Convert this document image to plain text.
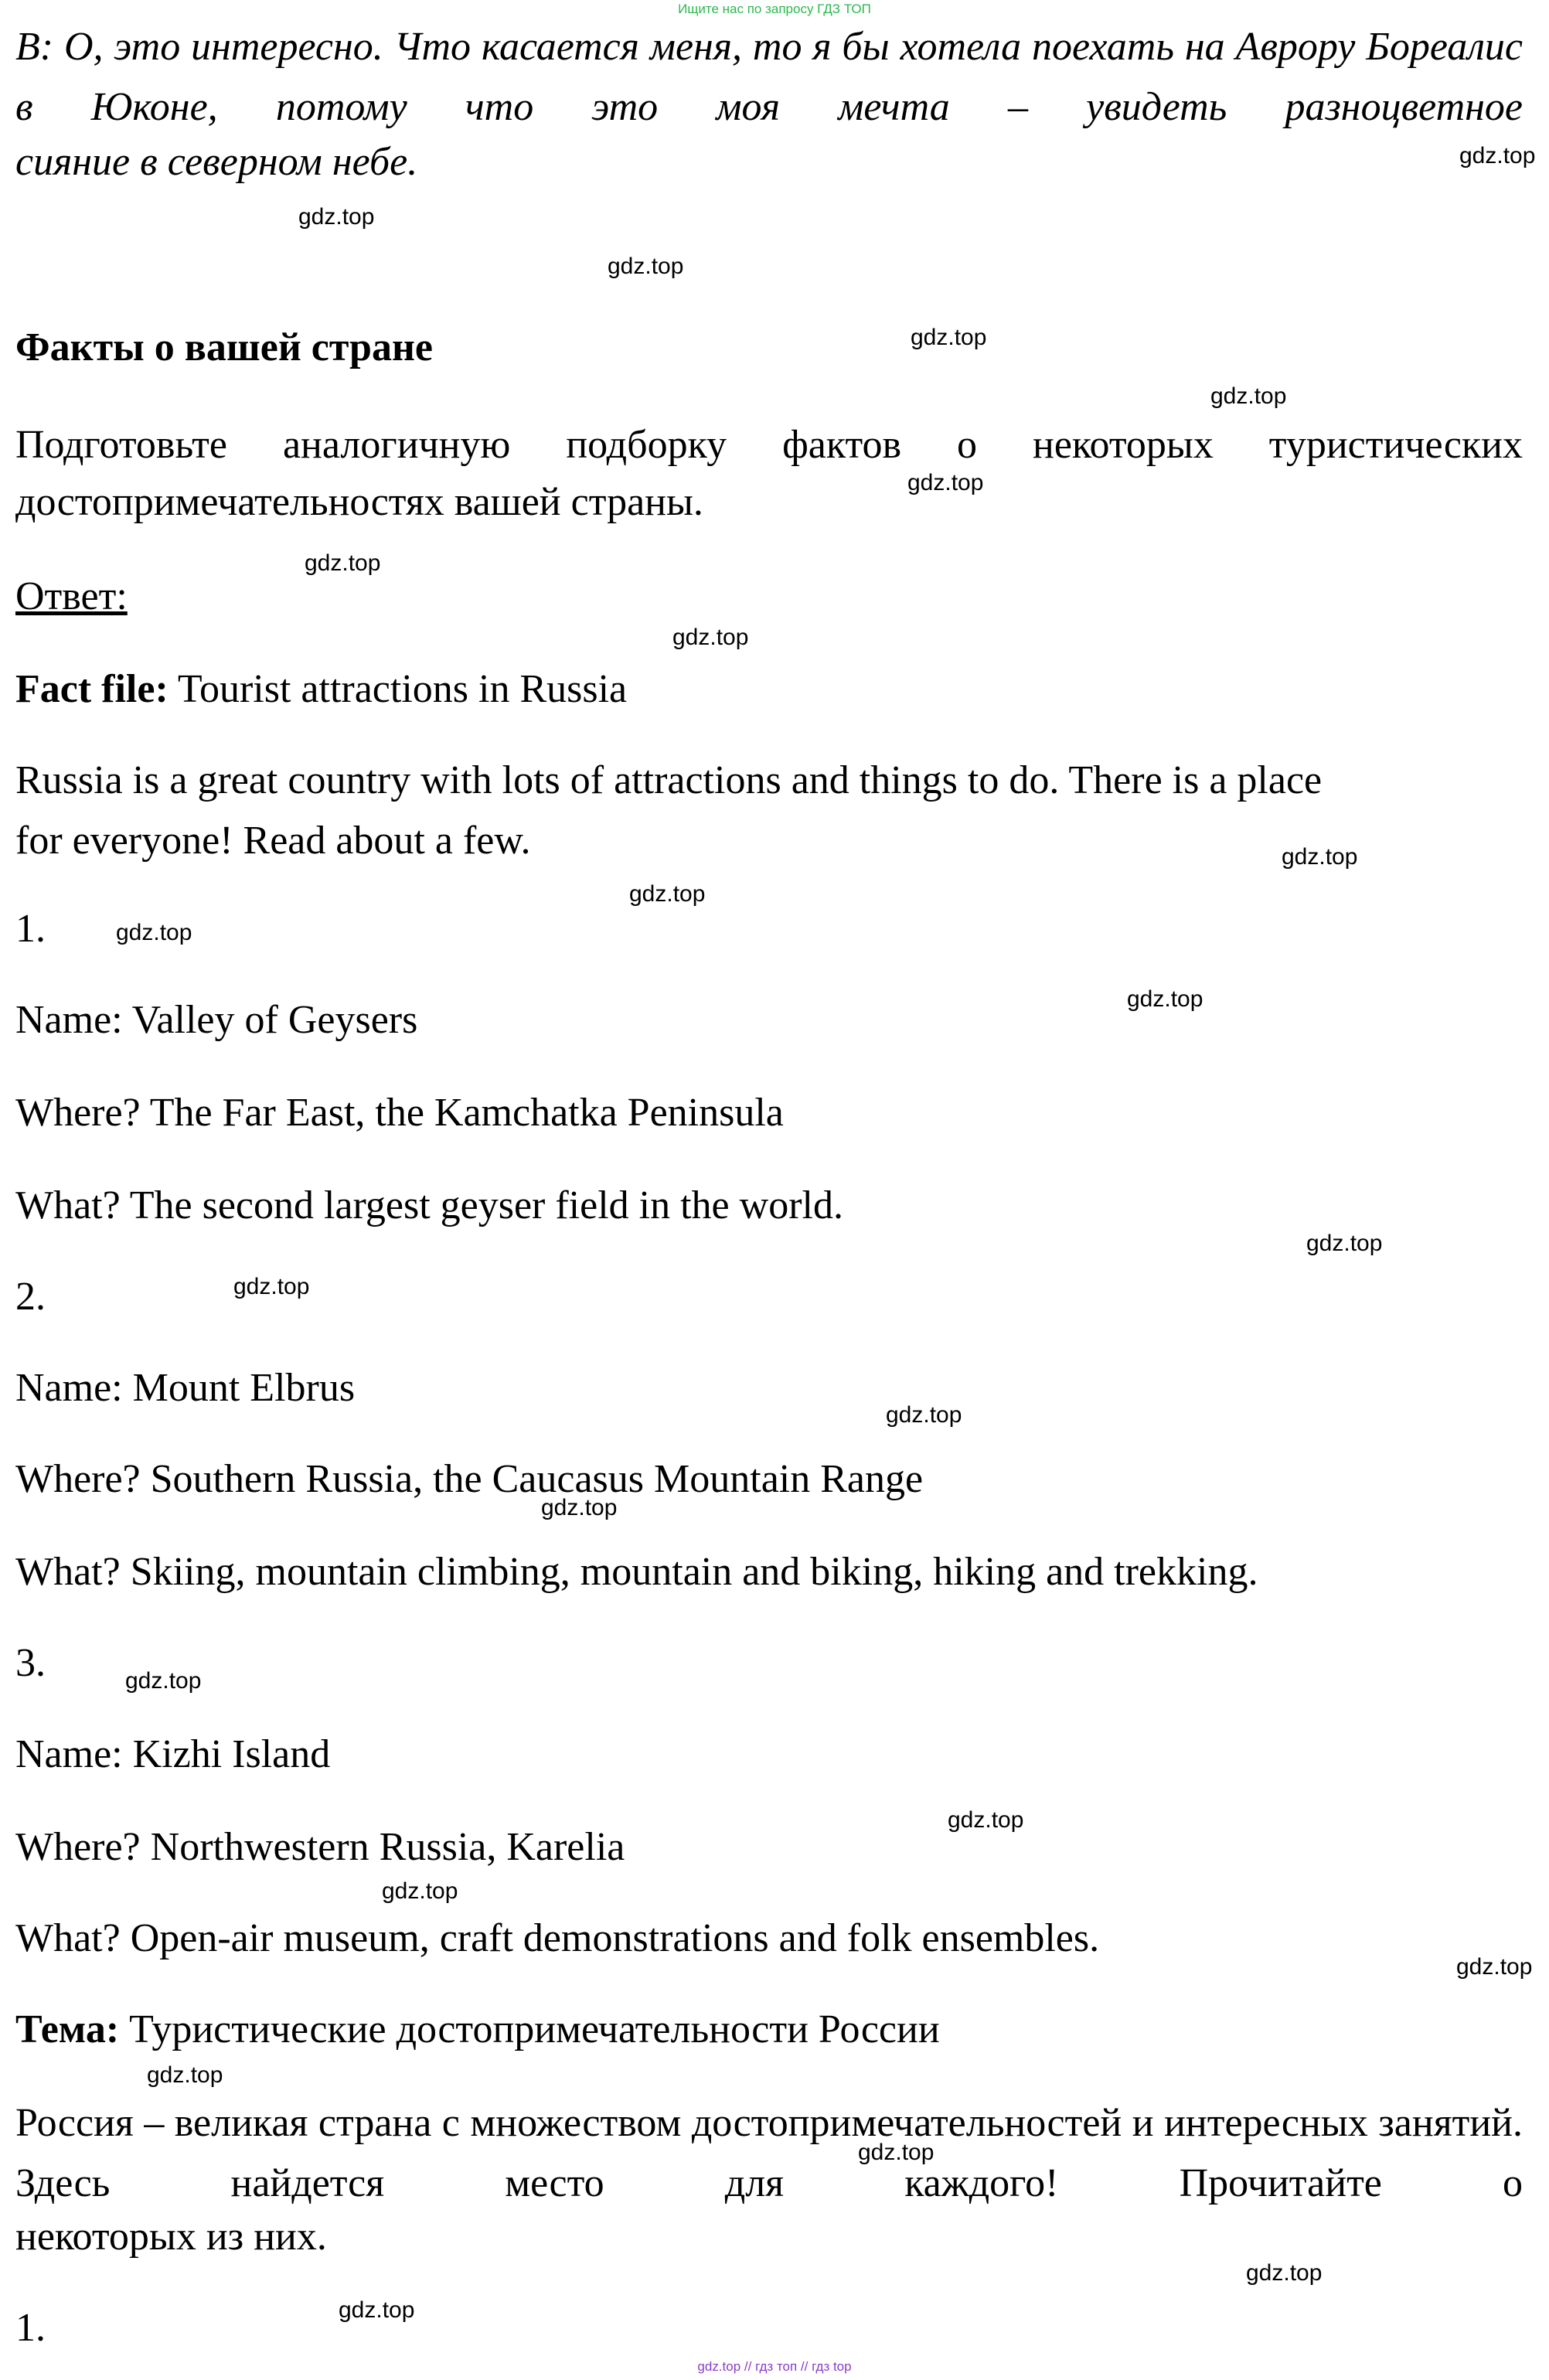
Ищите нас по запросу ГДЗ ТОП
В: О, это интересно. Что касается меня, то я бы хотела поехать на Аврору Бореалис в Юконе, потому что это моя мечта – увидеть разноцветное
сияние в северном небе.
Факты о вашей стране
Подготовьте аналогичную подборку фактов о некоторых туристических
достопримечательностях вашей страны.
Ответ:
Fact file: Tourist attractions in Russia
Russia is a great country with lots of attractions and things to do. There is a place
for everyone! Read about a few.
1.
Name: Valley of Geysers
Where? The Far East, the Kamchatka Peninsula
What? The second largest geyser field in the world.
2.
Name: Mount Elbrus
Where? Southern Russia, the Caucasus Mountain Range
What? Skiing, mountain climbing, mountain and biking, hiking and trekking.
3.
Name: Kizhi Island
Where? Northwestern Russia, Karelia
What? Open-air museum, craft demonstrations and folk ensembles.
Тема: Туристические достопримечательности России
Россия – великая страна с множеством достопримечательностей и интересных занятий. Здесь найдется место для каждого! Прочитайте о
некоторых из них.
1.
gdz.top
gdz.top
gdz.top
gdz.top
gdz.top
gdz.top
gdz.top
gdz.top
gdz.top
gdz.top
gdz.top
gdz.top
gdz.top
gdz.top
gdz.top
gdz.top
gdz.top
gdz.top
gdz.top
gdz.top
gdz.top
gdz.top
gdz.top
gdz.top
gdz.top // гдз топ // гдз top
